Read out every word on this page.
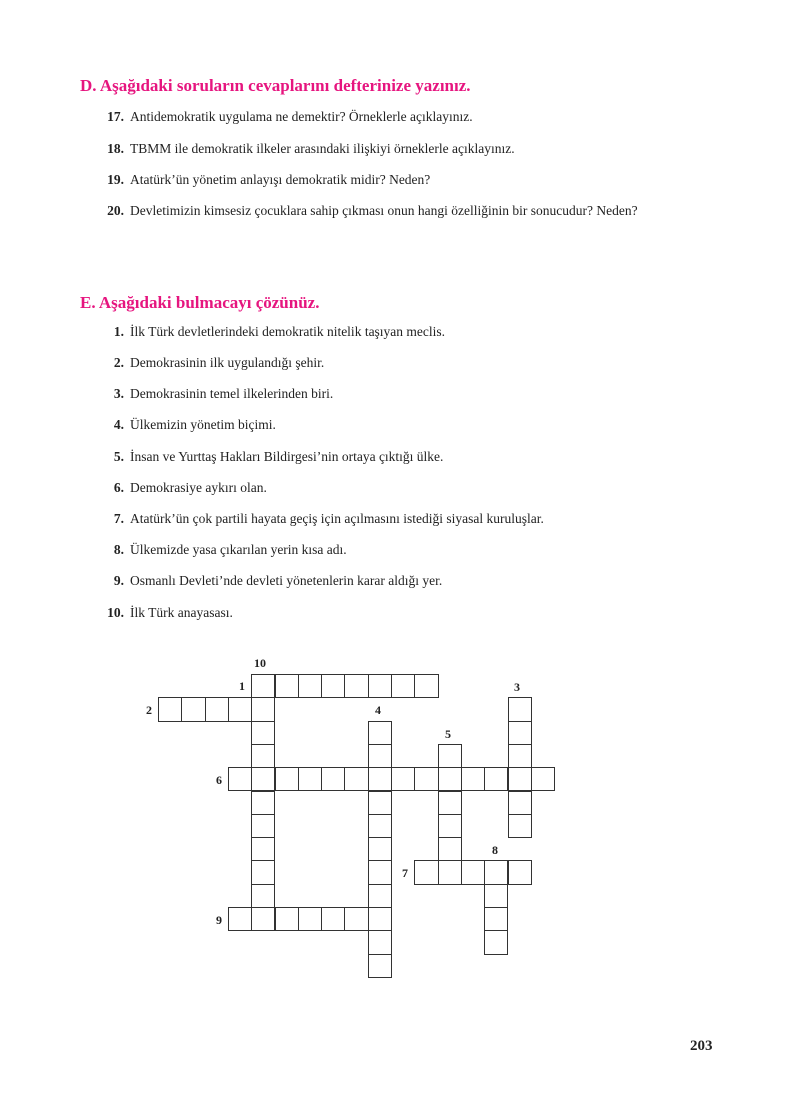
D. Aşağıdaki soruların cevaplarını defterinize yazınız.
17. Antidemokratik uygulama ne demektir? Örneklerle açıklayınız.
18. TBMM ile demokratik ilkeler arasındaki ilişkiyi örneklerle açıklayınız.
19. Atatürk’ün yönetim anlayışı demokratik midir? Neden?
20. Devletimizin kimsesiz çocuklara sahip çıkması onun hangi özelliğinin bir sonucudur? Neden?
E. Aşağıdaki bulmacayı çözünüz.
1. İlk Türk devletlerindeki demokratik nitelik taşıyan meclis.
2. Demokrasinin ilk uygulandığı şehir.
3. Demokrasinin temel ilkelerinden biri.
4. Ülkemizin yönetim biçimi.
5. İnsan ve Yurttaş Hakları Bildirgesi’nin ortaya çıktığı ülke.
6. Demokrasiye aykırı olan.
7. Atatürk’ün çok partili hayata geçiş için açılmasını istediği siyasal kuruluşlar.
8. Ülkemizde yasa çıkarılan yerin kısa adı.
9. Osmanlı Devleti’nde devleti yönetenlerin karar aldığı yer.
10. İlk Türk anayasası.
10
1	3
2	4
5
6
8
7
9
203
